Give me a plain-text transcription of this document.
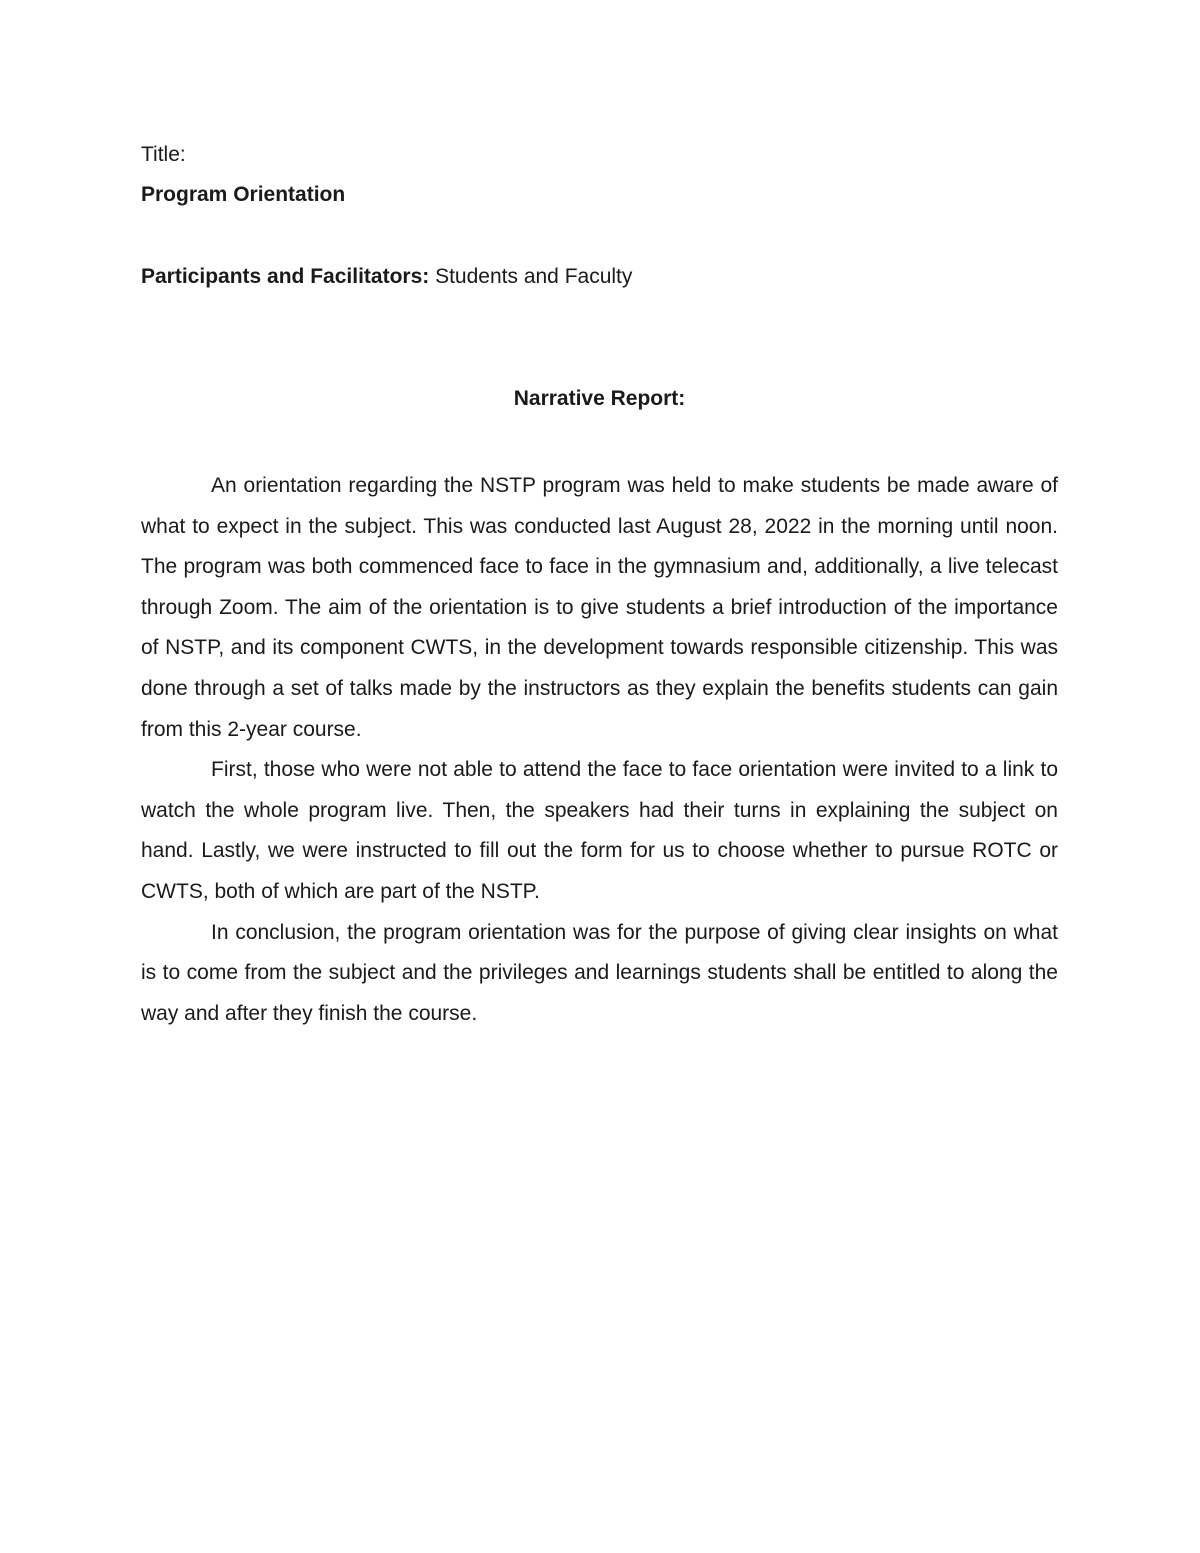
Title:
Program Orientation
Participants and Facilitators: Students and Faculty
Narrative Report:

An orientation regarding the NSTP program was held to make students be made aware of what to expect in the subject. This was conducted last August 28, 2022 in the morning until noon. The program was both commenced face to face in the gymnasium and, additionally, a live telecast through Zoom. The aim of the orientation is to give students a brief introduction of the importance of NSTP, and its component CWTS, in the development towards responsible citizenship. This was done through a set of talks made by the instructors as they explain the benefits students can gain from this 2-year course.

First, those who were not able to attend the face to face orientation were invited to a link to watch the whole program live. Then, the speakers had their turns in explaining the subject on hand. Lastly, we were instructed to fill out the form for us to choose whether to pursue ROTC or CWTS, both of which are part of the NSTP.

In conclusion, the program orientation was for the purpose of giving clear insights on what is to come from the subject and the privileges and learnings students shall be entitled to along the way and after they finish the course.
